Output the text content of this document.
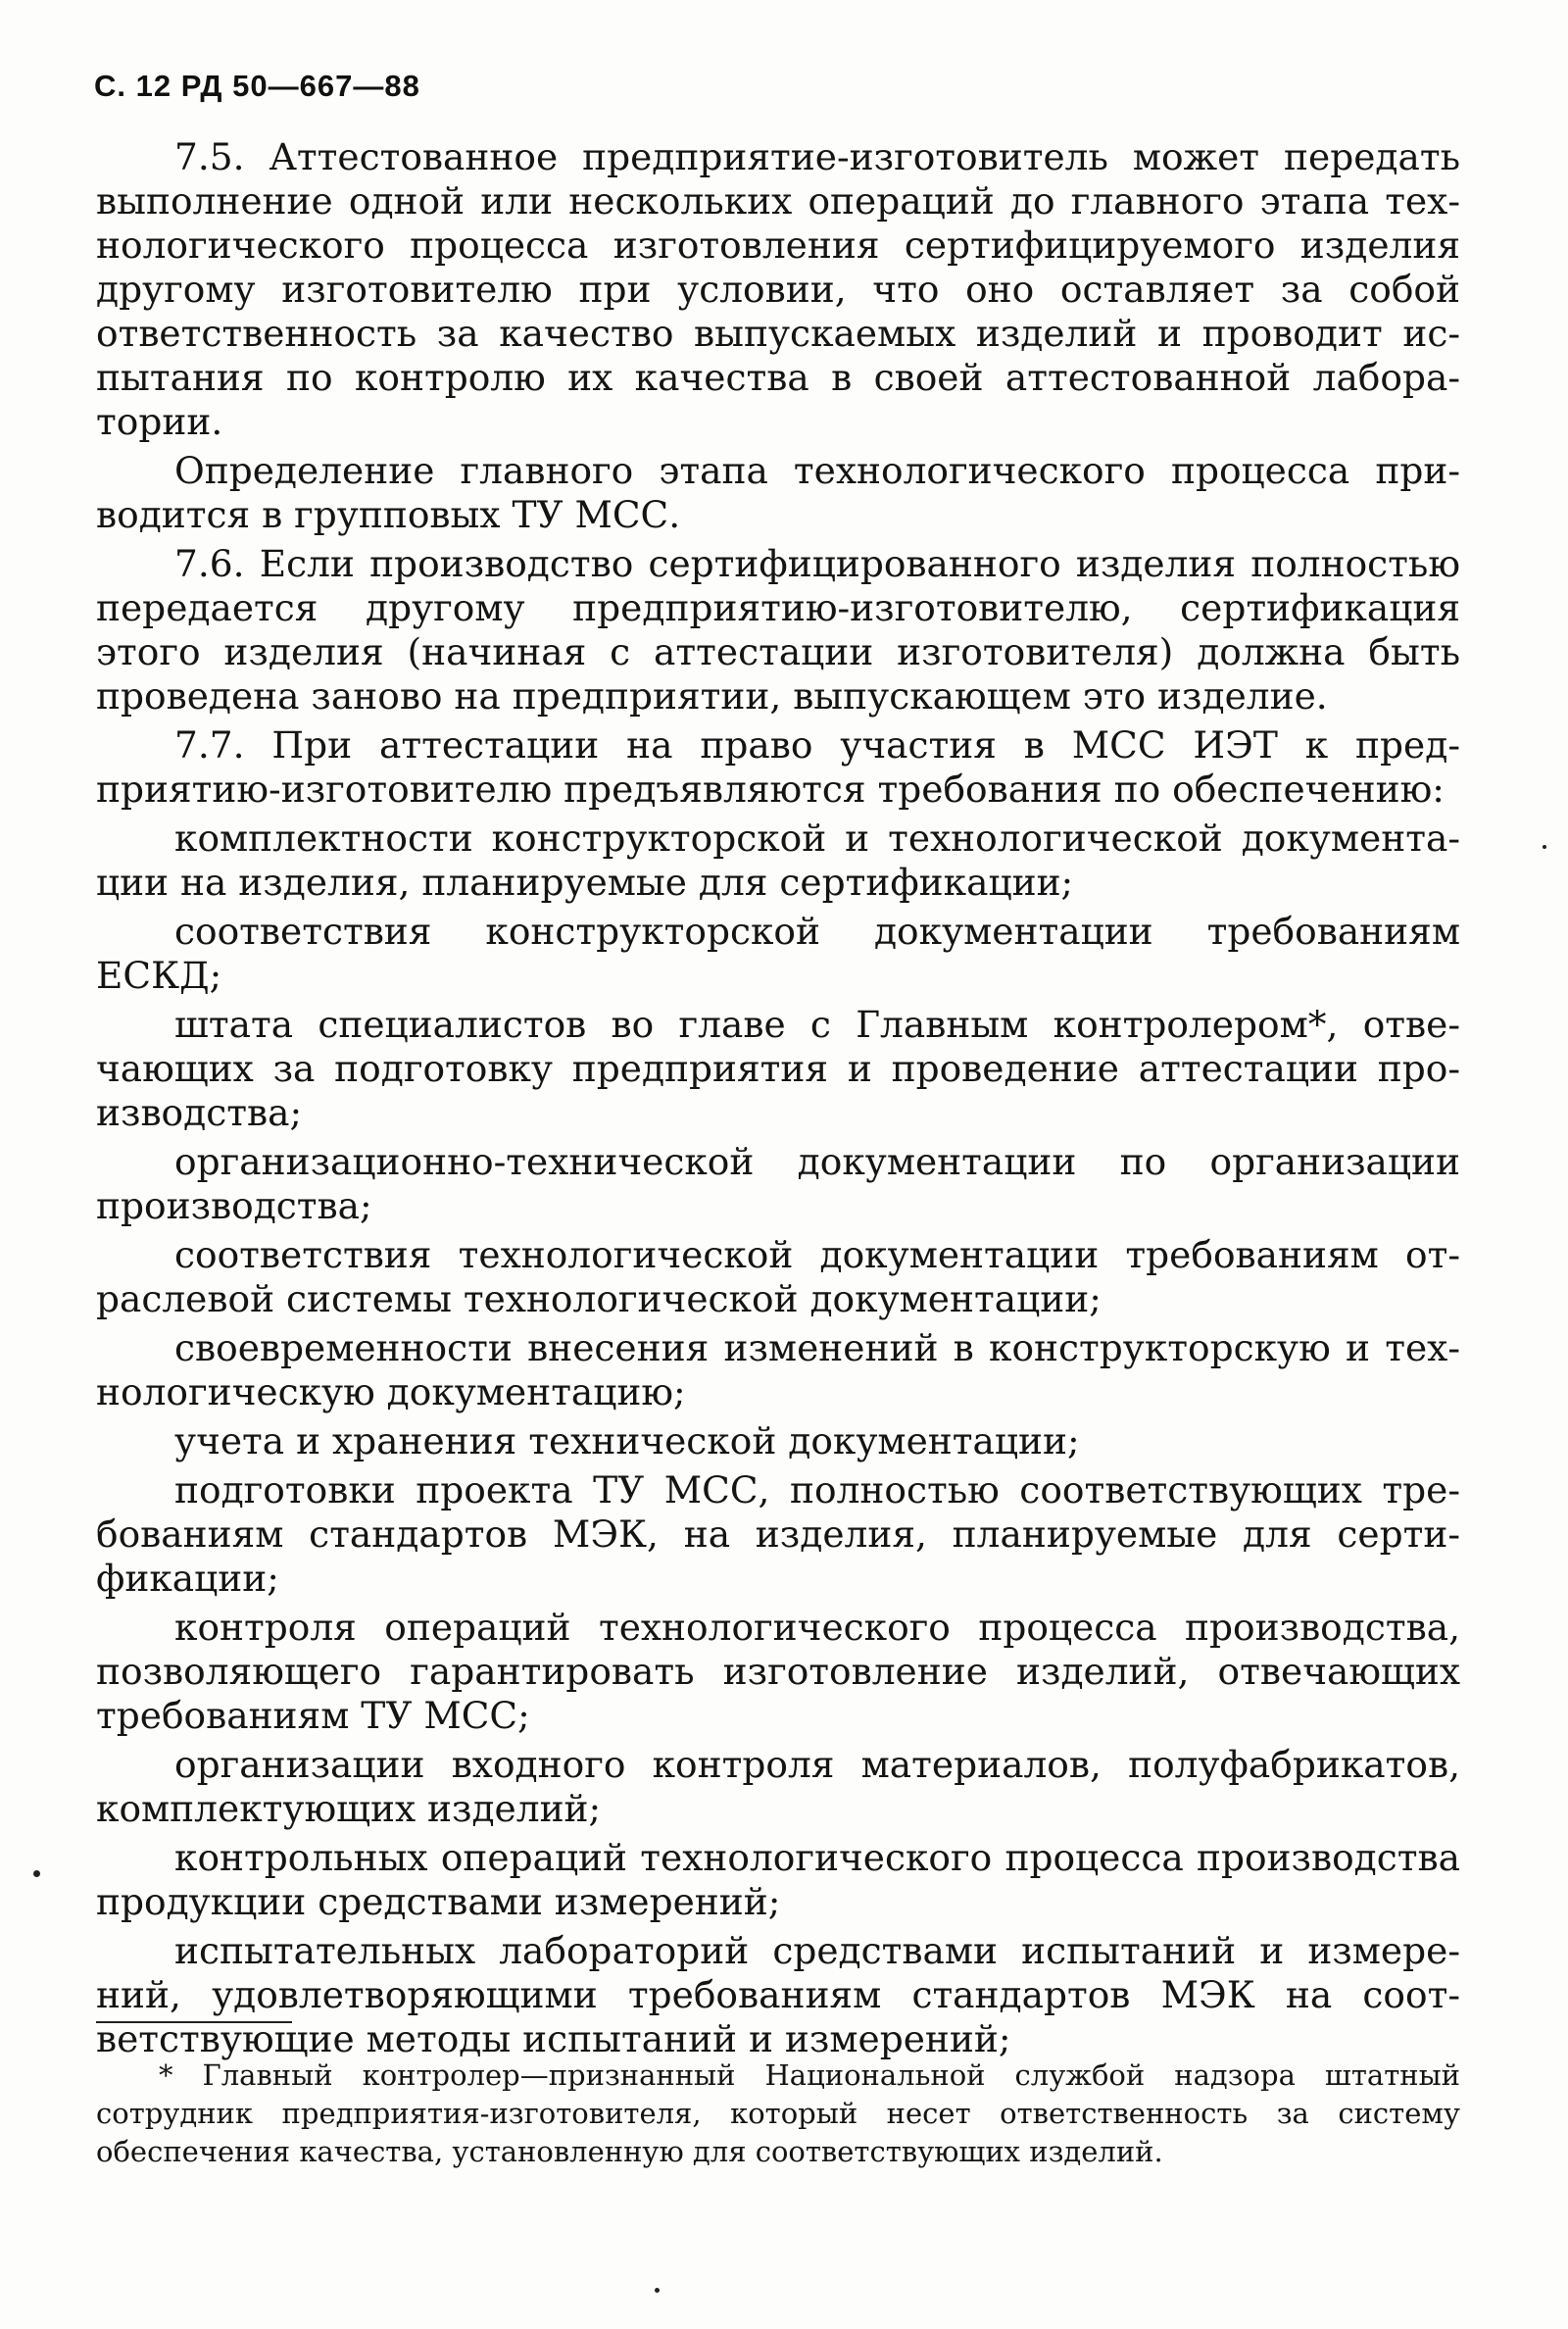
С. 12 РД 50—667—88

7.5. Аттестованное предприятие-изготовитель может передать выполнение одной или нескольких операций до главного этапа технологического процесса изготовления сертифицируемого изделия другому изготовителю при условии, что оно оставляет за собой ответственность за качество выпускаемых изделий и проводит испытания по контролю их качества в своей аттестованной лаборатории.

Определение главного этапа технологического процесса приводится в групповых ТУ МСС.

7.6. Если производство сертифицированного изделия полностью передается другому предприятию-изготовителю, сертификация этого изделия (начиная с аттестации изготовителя) должна быть проведена заново на предприятии, выпускающем это изделие.

7.7. При аттестации на право участия в МСС ИЭТ к предприятию-изготовителю предъявляются требования по обеспечению:

комплектности конструкторской и технологической документации на изделия, планируемые для сертификации;

соответствия конструкторской документации требованиям ЕСКД;

штата специалистов во главе с Главным контролером*, отвечающих за подготовку предприятия и проведение аттестации производства;

организационно-технической документации по организации производства;

соответствия технологической документации требованиям отраслевой системы технологической документации;

своевременности внесения изменений в конструкторскую и технологическую документацию;

учета и хранения технической документации;

подготовки проекта ТУ МСС, полностью соответствующих требованиям стандартов МЭК, на изделия, планируемые для сертификации;

контроля операций технологического процесса производства, позволяющего гарантировать изготовление изделий, отвечающих требованиям ТУ МСС;

организации входного контроля материалов, полуфабрикатов, комплектующих изделий;

контрольных операций технологического процесса производства продукции средствами измерений;

испытательных лабораторий средствами испытаний и измерений, удовлетворяющими требованиям стандартов МЭК на соответствующие методы испытаний и измерений;

* Главный контролер—признанный Национальной службой надзора штатный сотрудник предприятия-изготовителя, который несет ответственность за систему обеспечения качества, установленную для соответствующих изделий.
